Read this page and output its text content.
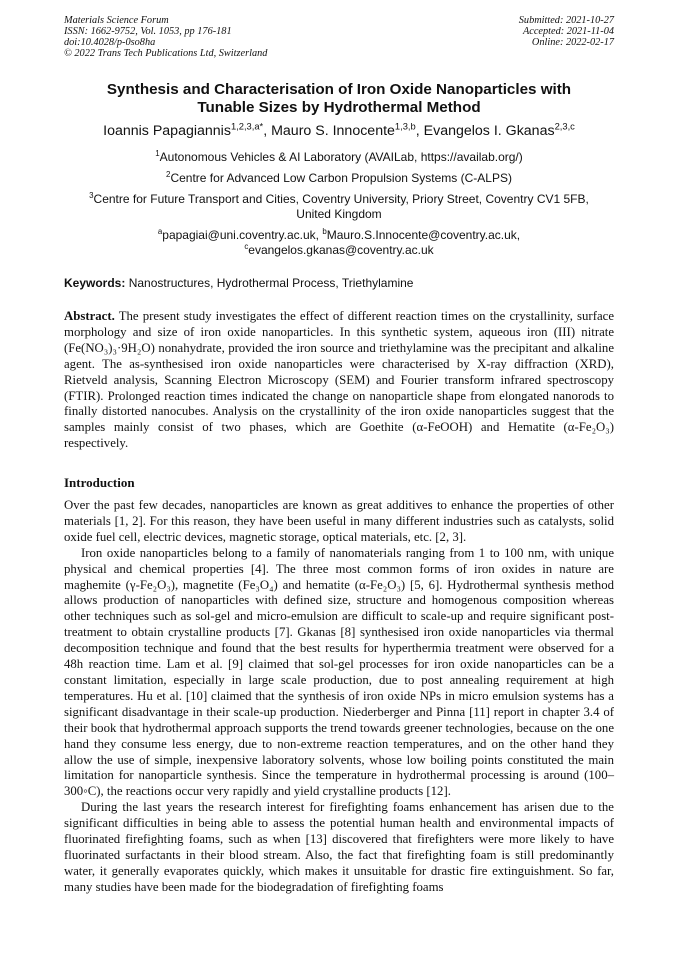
Materials Science Forum
ISSN: 1662-9752, Vol. 1053, pp 176-181
doi:10.4028/p-0so8ha
© 2022 Trans Tech Publications Ltd, Switzerland
Submitted: 2021-10-27
Accepted: 2021-11-04
Online: 2022-02-17
Synthesis and Characterisation of Iron Oxide Nanoparticles with
Tunable Sizes by Hydrothermal Method
Ioannis Papagiannis$^{1,2,3,a*}$, Mauro S. Innocente$^{1,3,b}$, Evangelos I. Gkanas$^{2,3,c}$
$^1$Autonomous Vehicles & AI Laboratory (AVAILab, https://availab.org/)
$^2$Centre for Advanced Low Carbon Propulsion Systems (C-ALPS)
$^3$Centre for Future Transport and Cities, Coventry University, Priory Street, Coventry CV1 5FB,
United Kingdom
$^a$papagiai@uni.coventry.ac.uk, $^b$Mauro.S.Innocente@coventry.ac.uk,
$^c$evangelos.gkanas@coventry.ac.uk
Keywords: Nanostructures, Hydrothermal Process, Triethylamine
Abstract. The present study investigates the effect of different reaction times on the crystallinity, surface morphology and size of iron oxide nanoparticles. In this synthetic system, aqueous iron (III) nitrate (Fe(NO₃)₃·9H₂O) nonahydrate, provided the iron source and triethylamine was the precipitant and alkaline agent. The as-synthesised iron oxide nanoparticles were characterised by X-ray diffraction (XRD), Rietveld analysis, Scanning Electron Microscopy (SEM) and Fourier transform infrared spectroscopy (FTIR). Prolonged reaction times indicated the change on nanoparticle shape from elongated nanorods to finally distorted nanocubes. Analysis on the crystallinity of the iron oxide nanoparticles suggest that the samples mainly consist of two phases, which are Goethite (α-FeOOH) and Hematite (α-Fe₂O₃) respectively.
Introduction

Over the past few decades, nanoparticles are known as great additives to enhance the properties of other materials [1, 2]. For this reason, they have been useful in many different industries such as catalysts, solid oxide fuel cell, electric devices, magnetic storage, optical materials, etc. [2, 3].

Iron oxide nanoparticles belong to a family of nanomaterials ranging from 1 to 100 nm, with unique physical and chemical properties [4]. The three most common forms of iron oxides in nature are maghemite (γ-Fe₂O₃), magnetite (Fe₃O₄) and hematite (α-Fe₂O₃) [5, 6]. Hydrothermal synthesis method allows production of nanoparticles with defined size, structure and homogenous composition whereas other techniques such as sol-gel and micro-emulsion are difficult to scale-up and require significant post-treatment to obtain crystalline products [7]. Gkanas [8] synthesised iron oxide nanoparticles via thermal decomposition technique and found that the best results for hyperthermia treatment were observed for a 48h reaction time. Lam et al. [9] claimed that sol-gel processes for iron oxide nanoparticles can be a constant limitation, especially in large scale production, due to post annealing requirement at high temperatures. Hu et al. [10] claimed that the synthesis of iron oxide NPs in micro emulsion systems has a significant disadvantage in their scale-up production. Niederberger and Pinna [11] report in chapter 3.4 of their book that hydrothermal approach supports the trend towards greener technologies, because on the one hand they consume less energy, due to non-extreme reaction temperatures, and on the other hand they allow the use of simple, inexpensive laboratory solvents, whose low boiling points constituted the main limitation for nanoparticle synthesis. Since the temperature in hydrothermal processing is around (100–300◦C), the reactions occur very rapidly and yield crystalline products [12].

During the last years the research interest for firefighting foams enhancement has arisen due to the significant difficulties in being able to assess the potential human health and environmental impacts of fluorinated firefighting foams, such as when [13] discovered that firefighters were more likely to have fluorinated surfactants in their blood stream. Also, the fact that firefighting foam is still predominantly water, it generally evaporates quickly, which makes it unsuitable for drastic fire extinguishment. So far, many studies have been made for the biodegradation of firefighting foams
